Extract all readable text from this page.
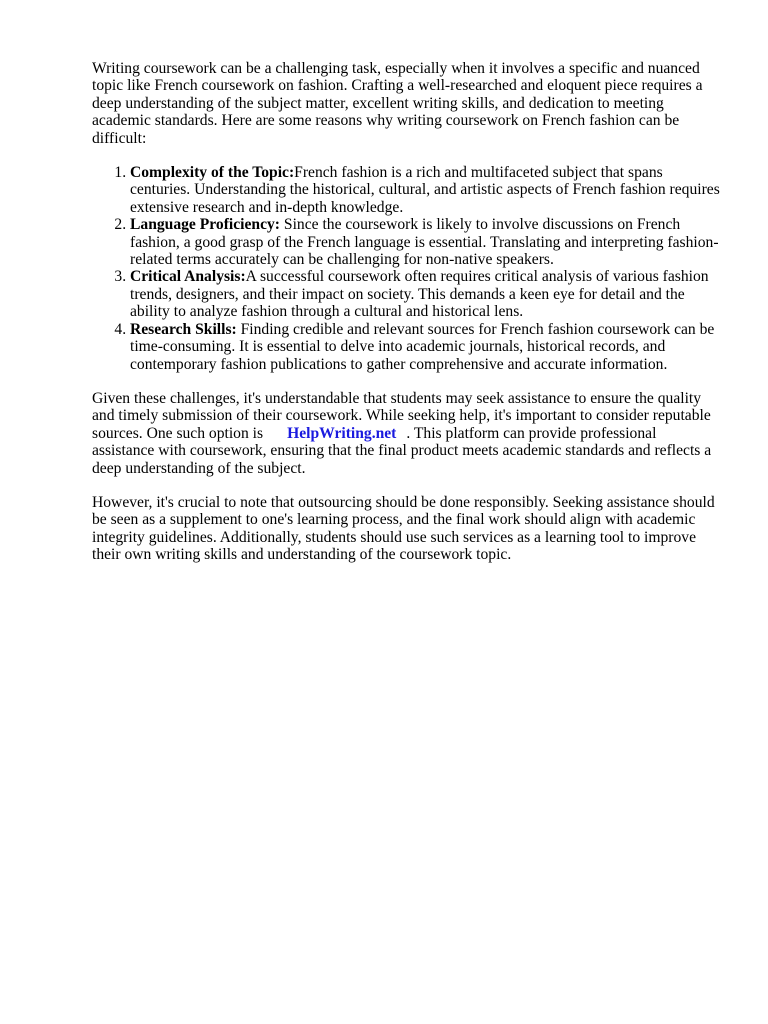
Writing coursework can be a challenging task, especially when it involves a specific and nuanced topic like French coursework on fashion. Crafting a well-researched and eloquent piece requires a deep understanding of the subject matter, excellent writing skills, and dedication to meeting academic standards. Here are some reasons why writing coursework on French fashion can be difficult:

1. Complexity of the Topic:French fashion is a rich and multifaceted subject that spans centuries. Understanding the historical, cultural, and artistic aspects of French fashion requires extensive research and in-depth knowledge.
2. Language Proficiency: Since the coursework is likely to involve discussions on French fashion, a good grasp of the French language is essential. Translating and interpreting fashion-related terms accurately can be challenging for non-native speakers.
3. Critical Analysis:A successful coursework often requires critical analysis of various fashion trends, designers, and their impact on society. This demands a keen eye for detail and the ability to analyze fashion through a cultural and historical lens.
4. Research Skills: Finding credible and relevant sources for French fashion coursework can be time-consuming. It is essential to delve into academic journals, historical records, and contemporary fashion publications to gather comprehensive and accurate information.

Given these challenges, it's understandable that students may seek assistance to ensure the quality and timely submission of their coursework. While seeking help, it's important to consider reputable sources. One such option is HelpWriting.net . This platform can provide professional assistance with coursework, ensuring that the final product meets academic standards and reflects a deep understanding of the subject.

However, it's crucial to note that outsourcing should be done responsibly. Seeking assistance should be seen as a supplement to one's learning process, and the final work should align with academic integrity guidelines. Additionally, students should use such services as a learning tool to improve their own writing skills and understanding of the coursework topic.
